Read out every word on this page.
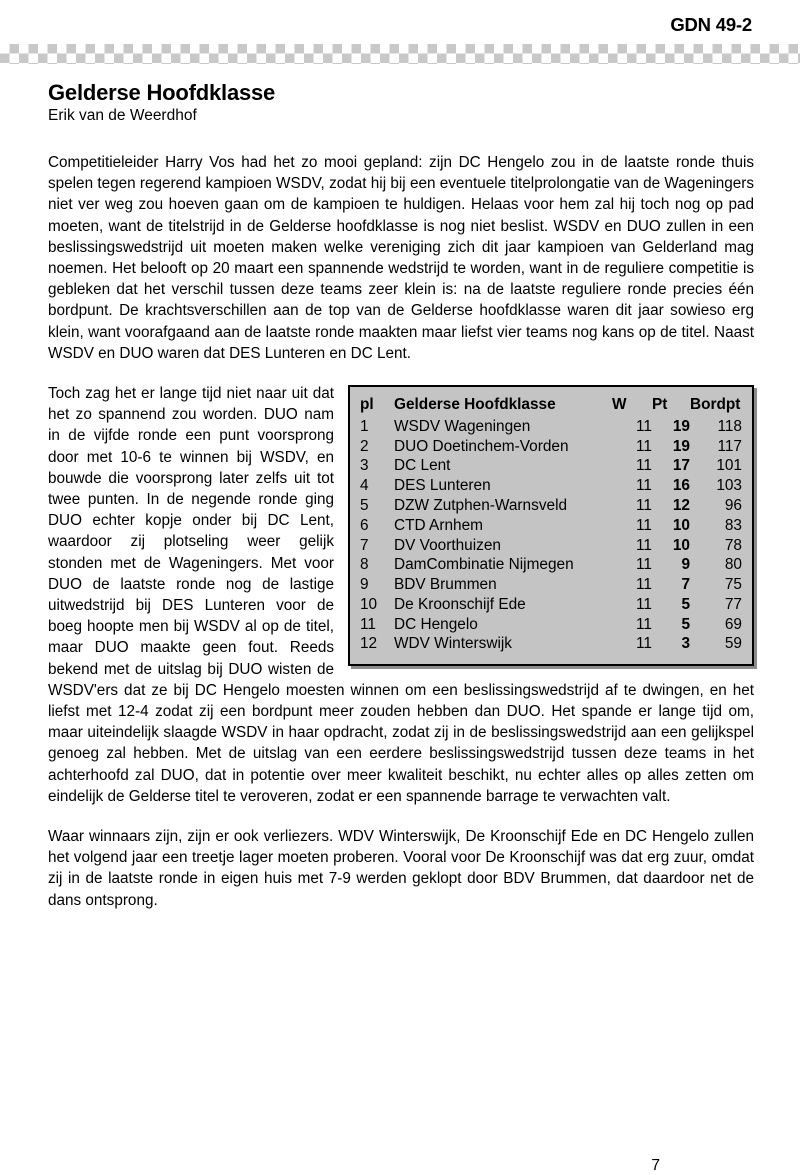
GDN 49-2
Gelderse Hoofdklasse
Erik van de Weerdhof

Competitieleider Harry Vos had het zo mooi gepland: zijn DC Hengelo zou in de laatste ronde thuis spelen tegen regerend kampioen WSDV, zodat hij bij een eventuele titelprolongatie van de Wageningers niet ver weg zou hoeven gaan om de kampioen te huldigen. Helaas voor hem zal hij toch nog op pad moeten, want de titelstrijd in de Gelderse hoofdklasse is nog niet beslist. WSDV en DUO zullen in een beslissingswedstrijd uit moeten maken welke vereniging zich dit jaar kampioen van Gelderland mag noemen. Het belooft op 20 maart een spannende wedstrijd te worden, want in de reguliere competitie is gebleken dat het verschil tussen deze teams zeer klein is: na de laatste reguliere ronde precies één bordpunt. De krachtsverschillen aan de top van de Gelderse hoofdklasse waren dit jaar sowieso erg klein, want voorafgaand aan de laatste ronde maakten maar liefst vier teams nog kans op de titel. Naast WSDV en DUO waren dat DES Lunteren en DC Lent.

pl	Gelderse Hoofdklasse	W	Pt	Bordpt
1	WSDV Wageningen	11	19	118
2	DUO Doetinchem-Vorden	11	19	117
3	DC Lent	11	17	101
4	DES Lunteren	11	16	103
5	DZW Zutphen-Warnsveld	11	12	96
6	CTD Arnhem	11	10	83
7	DV Voorthuizen	11	10	78
8	DamCombinatie Nijmegen	11	9	80
9	BDV Brummen	11	7	75
10	De Kroonschijf Ede	11	5	77
11	DC Hengelo	11	5	69
12	WDV Winterswijk	11	3	59
Toch zag het er lange tijd niet naar uit dat het zo spannend zou worden. DUO nam in de vijfde ronde een punt voorsprong door met 10-6 te winnen bij WSDV, en bouwde die voorsprong later zelfs uit tot twee punten. In de negende ronde ging DUO echter kopje onder bij DC Lent, waardoor zij plotseling weer gelijk stonden met de Wageningers. Met voor DUO de laatste ronde nog de lastige uitwedstrijd bij DES Lunteren voor de boeg hoopte men bij WSDV al op de titel, maar DUO maakte geen fout. Reeds bekend met de uitslag bij DUO wisten de WSDV'ers dat ze bij DC Hengelo moesten winnen om een beslissingswedstrijd af te dwingen, en het liefst met 12-4 zodat zij een bordpunt meer zouden hebben dan DUO. Het spande er lange tijd om, maar uiteindelijk slaagde WSDV in haar opdracht, zodat zij in de beslissingswedstrijd aan een gelijkspel genoeg zal hebben. Met de uitslag van een eerdere beslissingswedstrijd tussen deze teams in het achterhoofd zal DUO, dat in potentie over meer kwaliteit beschikt, nu echter alles op alles zetten om eindelijk de Gelderse titel te veroveren, zodat er een spannende barrage te verwachten valt.

Waar winnaars zijn, zijn er ook verliezers. WDV Winterswijk, De Kroonschijf Ede en DC Hengelo zullen het volgend jaar een treetje lager moeten proberen. Vooral voor De Kroonschijf was dat erg zuur, omdat zij in de laatste ronde in eigen huis met 7-9 werden geklopt door BDV Brummen, dat daardoor net de dans ontsprong.

7
